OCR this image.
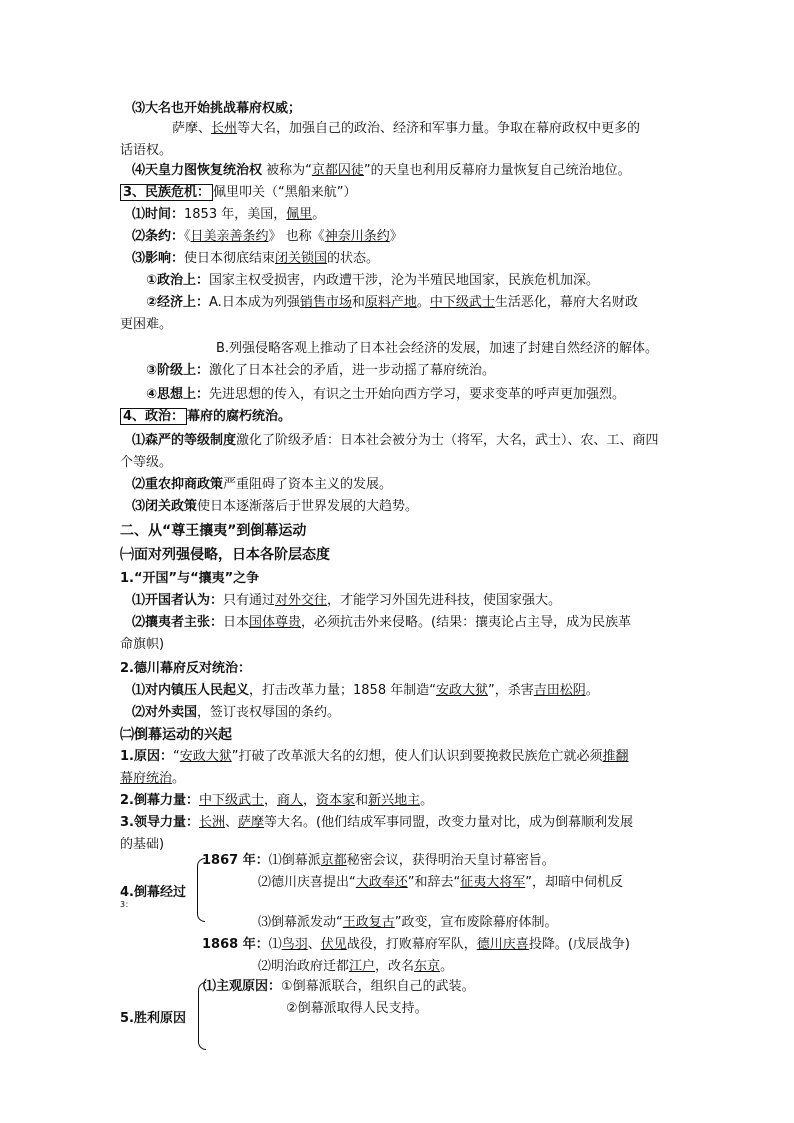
⑶大名也开始挑战幕府权威；
萨摩、长州等大名，加强自己的政治、经济和军事力量。争取在幕府政权中更多的
话语权。
⑷天皇力图恢复统治权 被称为“京都囚徒”的天皇也利用反幕府力量恢复自己统治地位。
3、民族危机： 佩里叩关（“黑船来航”）
⑴时间：1853 年，美国，佩里。
⑵条约：《日美亲善条约》 也称《神奈川条约》
⑶影响：使日本彻底结束闭关锁国的状态。
①政治上：国家主权受损害，内政遭干涉，沦为半殖民地国家，民族危机加深。
②经济上：A.日本成为列强销售市场和原料产地。中下级武士生活恶化，幕府大名财政
更困难。
B.列强侵略客观上推动了日本社会经济的发展，加速了封建自然经济的解体。
③阶级上：激化了日本社会的矛盾，进一步动摇了幕府统治。
④思想上：先进思想的传入，有识之士开始向西方学习，要求变革的呼声更加强烈。
4、政治： 幕府的腐朽统治。
⑴森严的等级制度激化了阶级矛盾：日本社会被分为士（将军，大名，武士）、农、工、商四
个等级。
⑵重农抑商政策严重阻碍了资本主义的发展。
⑶闭关政策使日本逐渐落后于世界发展的大趋势。
二、从“尊王攘夷”到倒幕运动
㈠面对列强侵略，日本各阶层态度
1.“开国”与“攘夷”之争
⑴开国者认为：只有通过对外交往，才能学习外国先进科技，使国家强大。
⑵攘夷者主张：日本国体尊贵，必须抗击外来侵略。(结果：攘夷论占主导，成为民族革
命旗帜)
2.德川幕府反对统治：
⑴对内镇压人民起义，打击改革力量；1858 年制造“安政大狱”，杀害吉田松阴。
⑵对外卖国，签订丧权辱国的条约。
㈡倒幕运动的兴起
1.原因：“安政大狱”打破了改革派大名的幻想，使人们认识到要挽救民族危亡就必须推翻
幕府统治。
2.倒幕力量：中下级武士，商人，资本家和新兴地主。
3.领导力量：长洲、萨摩等大名。(他们结成军事同盟，改变力量对比，成为倒幕顺利发展
的基础)
4.倒幕经过
3：
1867 年：⑴倒幕派京都秘密会议，获得明治天皇讨幕密旨。
⑵德川庆喜提出“大政奉还”和辞去“征夷大将军”，却暗中伺机反
⑶倒幕派发动“王政复古”政变，宣布废除幕府体制。
1868 年：⑴鸟羽、伏见战役，打败幕府军队，德川庆喜投降。(戊辰战争)
⑵明治政府迁都江户，改名东京。
5.胜利原因
⑴主观原因：①倒幕派联合，组织自己的武装。
②倒幕派取得人民支持。
